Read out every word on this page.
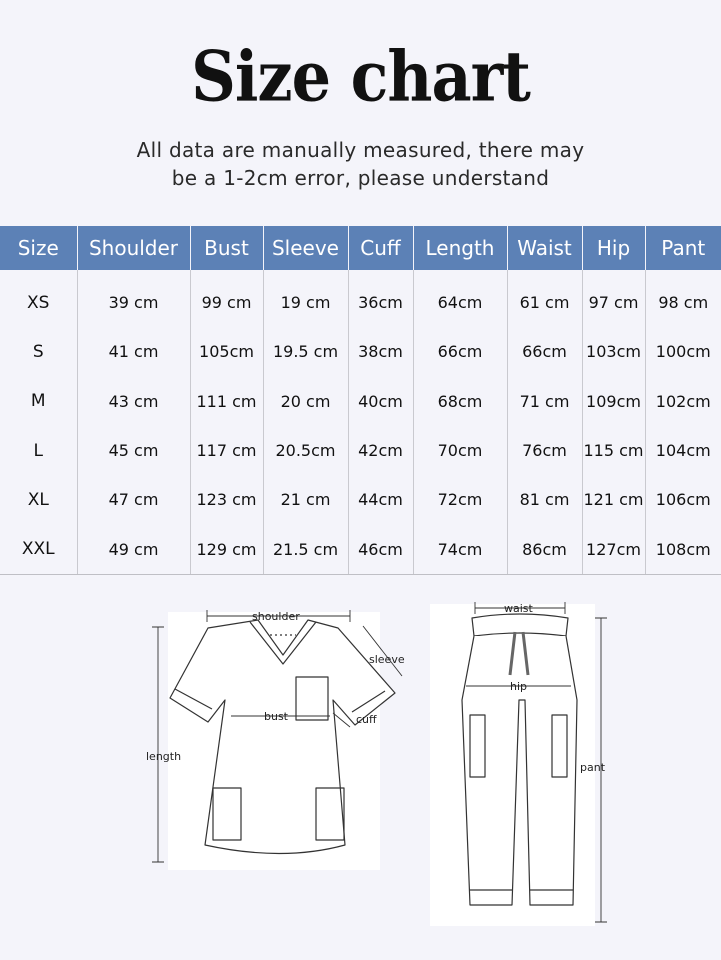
Size chart
All data are manually measured, there may
be a 1-2cm error, please understand
Size	Shoulder	Bust	Sleeve	Cuff	Length	Waist	Hip	Pant

XS	39 cm	99 cm	19 cm	36cm	64cm	61 cm	97 cm	98 cm
S	41 cm	105cm	19.5 cm	38cm	66cm	66cm	103cm	100cm
M	43 cm	111 cm	20 cm	40cm	68cm	71 cm	109cm	102cm
L	45 cm	117 cm	20.5cm	42cm	70cm	76cm	115 cm	104cm
XL	47 cm	123 cm	21 cm	44cm	72cm	81 cm	121 cm	106cm
XXL	49 cm	129 cm	21.5 cm	46cm	74cm	86cm	127cm	108cm
shoulder
sleeve
bust	cuff
length
waist
hip
pant
